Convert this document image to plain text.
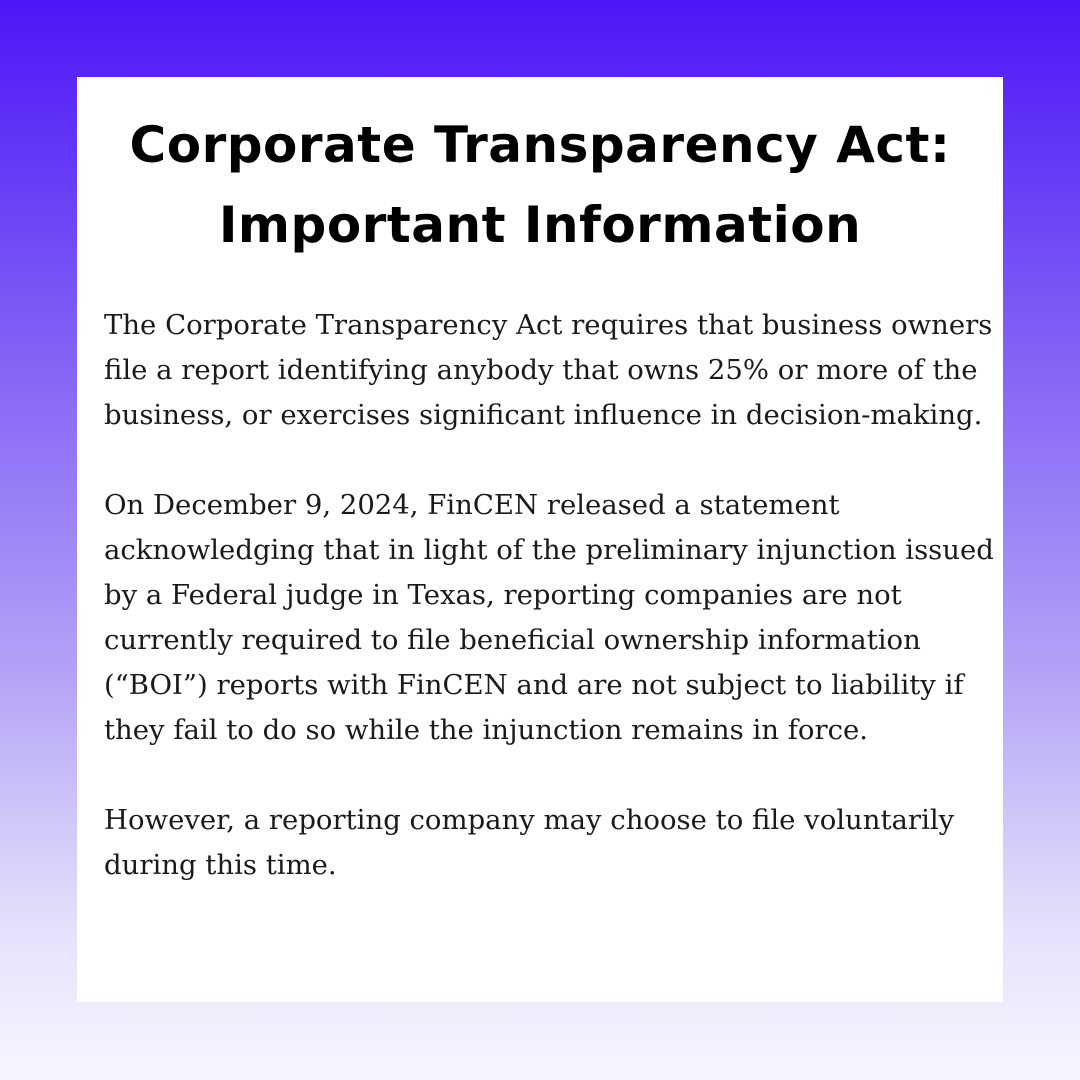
Corporate Transparency Act:
Important Information

The Corporate Transparency Act requires that business owners file a report identifying anybody that owns 25% or more of the business, or exercises significant influence in decision-making.

On December 9, 2024, FinCEN released a statement acknowledging that in light of the preliminary injunction issued by a Federal judge in Texas, reporting companies are not currently required to file beneficial ownership information (“BOI”) reports with FinCEN and are not subject to liability if they fail to do so while the injunction remains in force.

However, a reporting company may choose to file voluntarily during this time.
